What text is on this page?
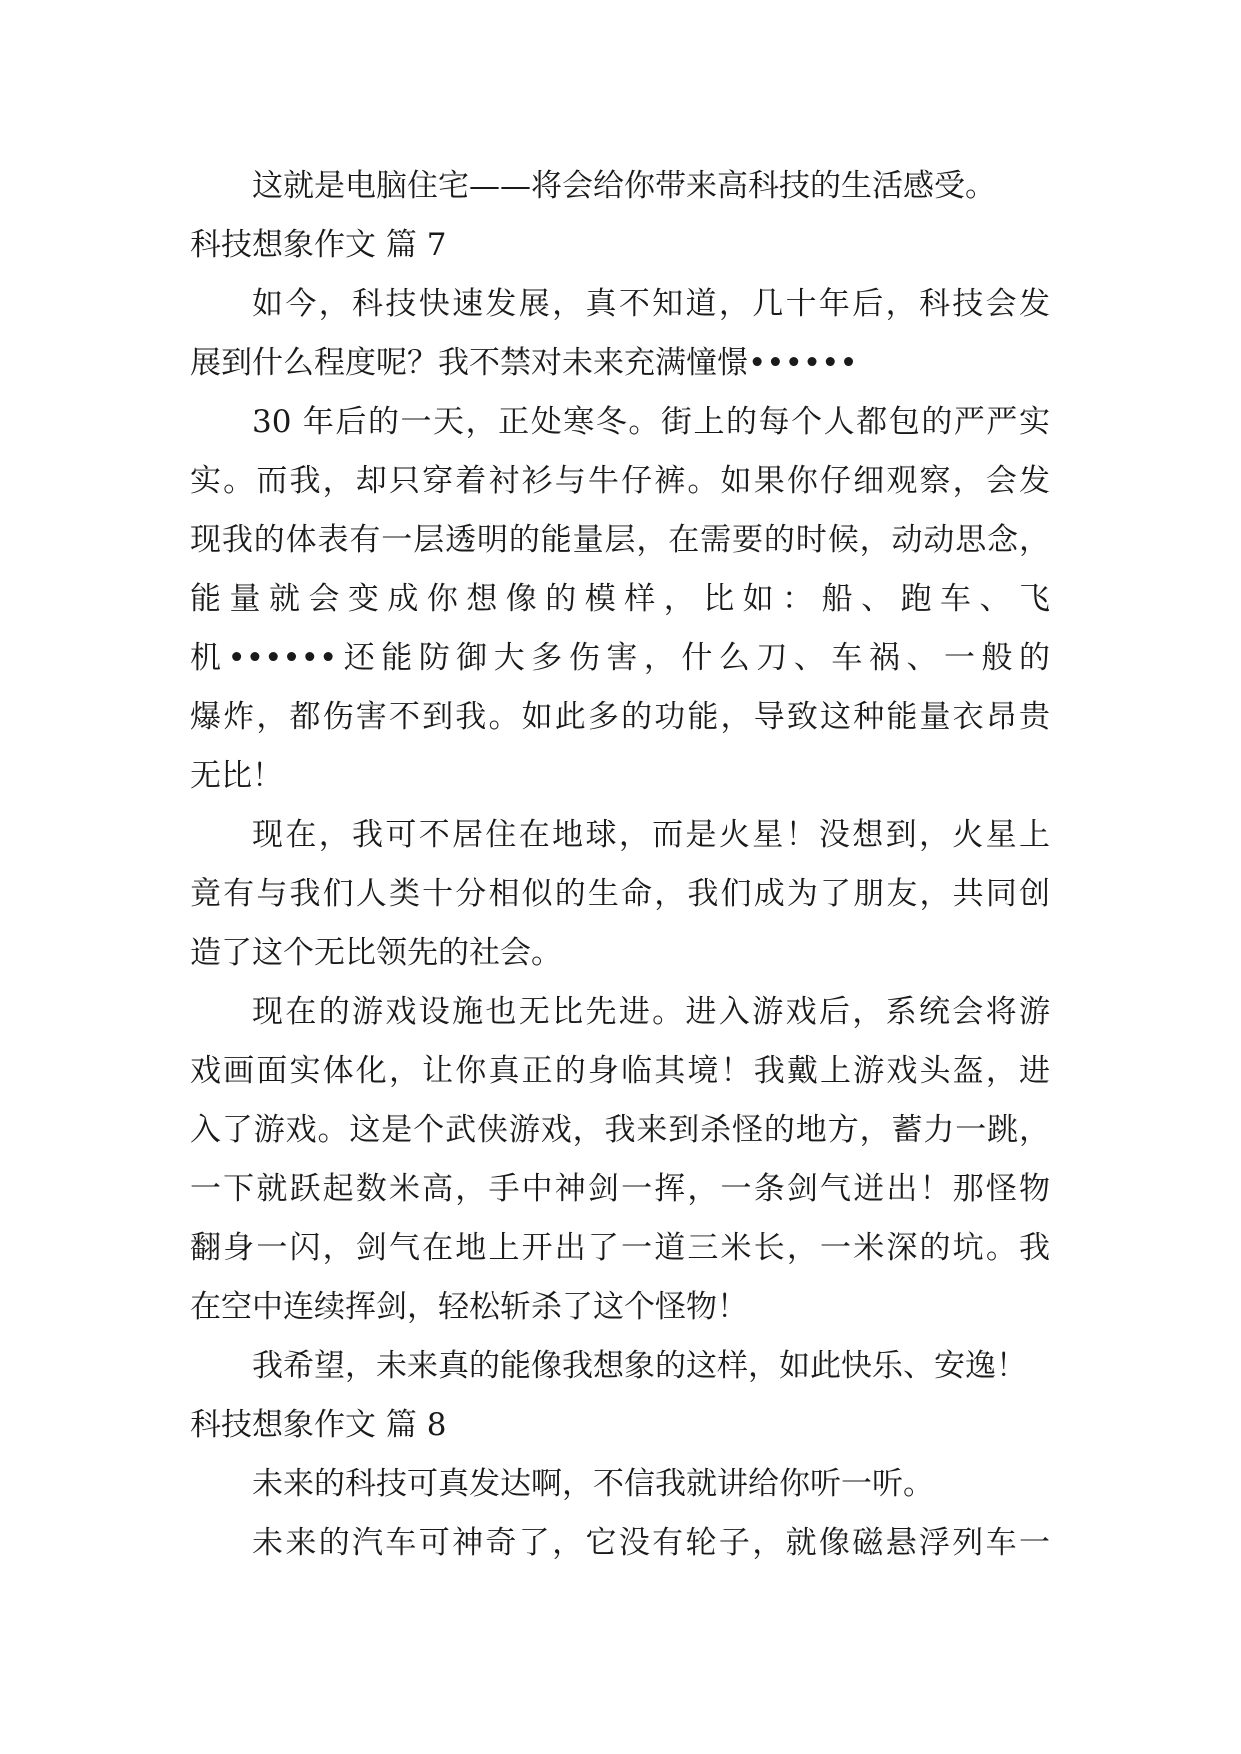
这就是电脑住宅——将会给你带来高科技的生活感受。
科技想象作文 篇 7
如今，科技快速发展，真不知道，几十年后，科技会发
展到什么程度呢？我不禁对未来充满憧憬••••••
30 年后的一天，正处寒冬。街上的每个人都包的严严实
实。而我，却只穿着衬衫与牛仔裤。如果你仔细观察，会发
现我的体表有一层透明的能量层，在需要的时候，动动思念，
能量就会变成你想像的模样，比如：船、跑车、飞
机••••••还能防御大多伤害，什么刀、车祸、一般的
爆炸，都伤害不到我。如此多的功能，导致这种能量衣昂贵
无比！
现在，我可不居住在地球，而是火星！没想到，火星上
竟有与我们人类十分相似的生命，我们成为了朋友，共同创
造了这个无比领先的社会。
现在的游戏设施也无比先进。进入游戏后，系统会将游
戏画面实体化，让你真正的身临其境！我戴上游戏头盔，进
入了游戏。这是个武侠游戏，我来到杀怪的地方，蓄力一跳，
一下就跃起数米高，手中神剑一挥，一条剑气迸出！那怪物
翻身一闪，剑气在地上开出了一道三米长，一米深的坑。我
在空中连续挥剑，轻松斩杀了这个怪物！
我希望，未来真的能像我想象的这样，如此快乐、安逸！
科技想象作文 篇 8
未来的科技可真发达啊，不信我就讲给你听一听。
未来的汽车可神奇了，它没有轮子，就像磁悬浮列车一
